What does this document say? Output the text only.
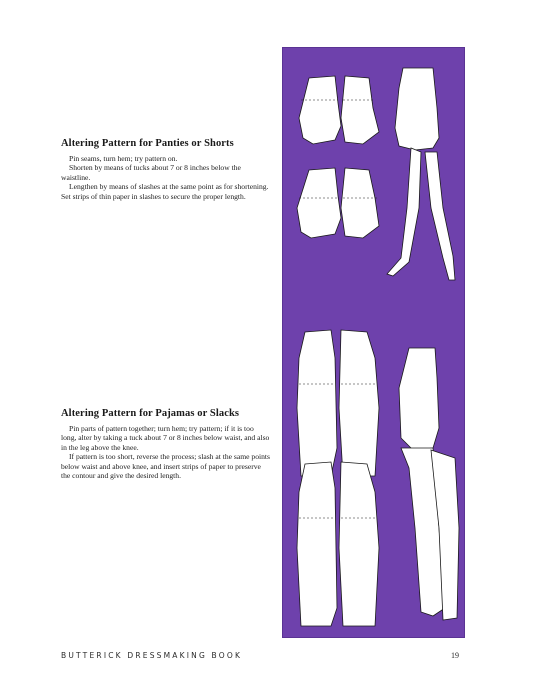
Altering Pattern for Panties or Shorts

Pin seams, turn hem; try pattern on.

Shorten by means of tucks about 7 or 8 inches below the waistline.

Lengthen by means of slashes at the same point as for shortening. Set strips of thin paper in slashes to secure the proper length.

Altering Pattern for Pajamas or Slacks

Pin parts of pattern together; turn hem; try pattern; if it is too long, alter by taking a tuck about 7 or 8 inches below waist, and also in the leg above the knee.

If pattern is too short, reverse the process; slash at the same points below waist and above knee, and insert strips of paper to preserve the contour and give the desired length.

BUTTERICK DRESSMAKING BOOK	19
